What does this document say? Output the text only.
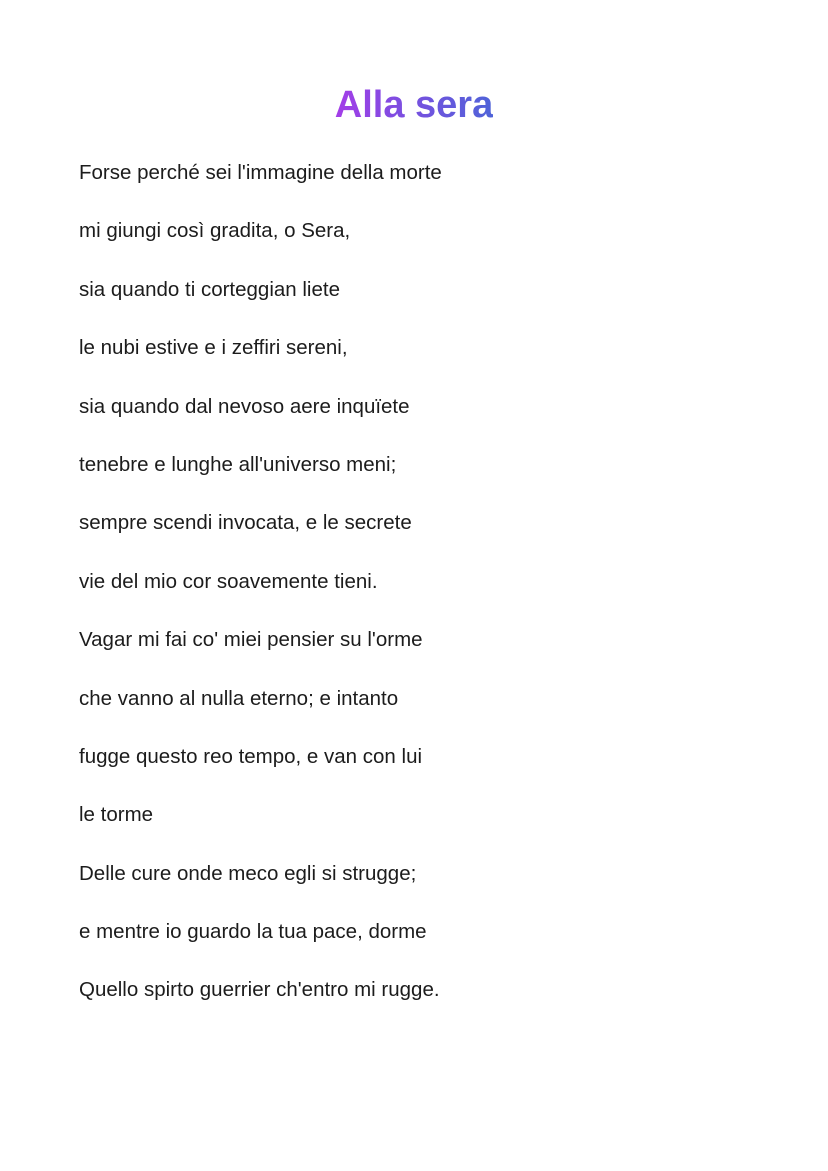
Alla sera
Forse perché sei l'immagine della morte
mi giungi così gradita, o Sera,
sia quando ti corteggian liete
le nubi estive e i zeffiri sereni,
sia quando dal nevoso aere inquïete
tenebre e lunghe all'universo meni;
sempre scendi invocata, e le secrete
vie del mio cor soavemente tieni.
Vagar mi fai co' miei pensier su l'orme
che vanno al nulla eterno; e intanto
fugge questo reo tempo, e van con lui
le torme
Delle cure onde meco egli si strugge;
e mentre io guardo la tua pace, dorme
Quello spirto guerrier ch'entro mi rugge.
